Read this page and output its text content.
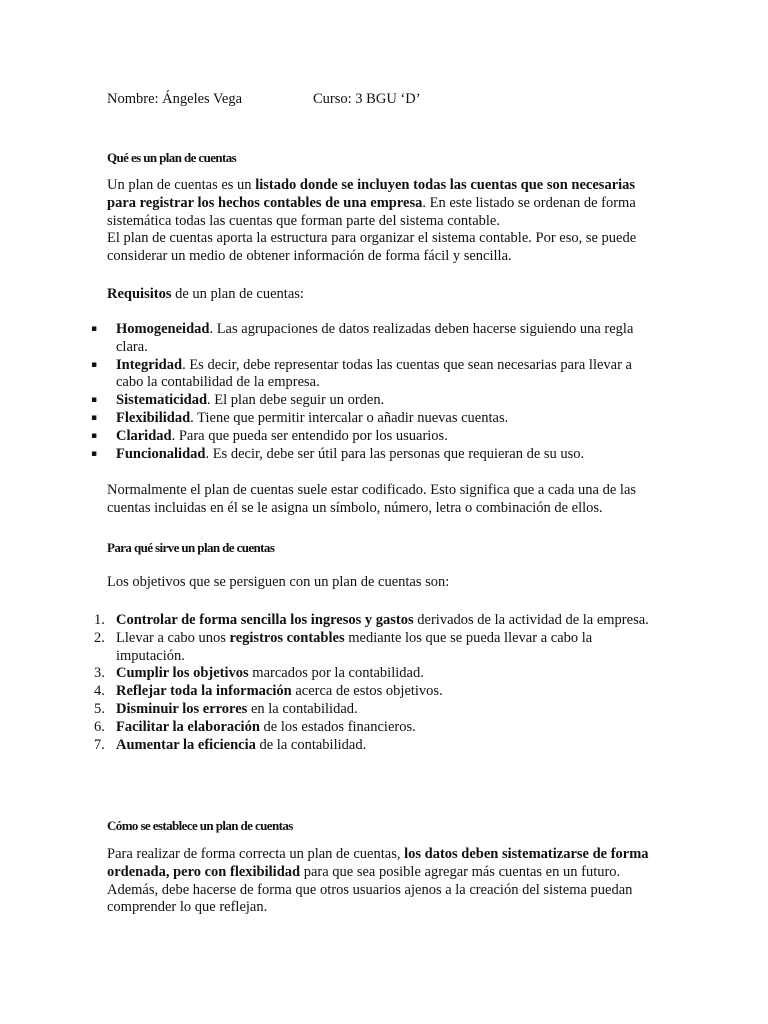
Nombre: Ángeles Vega	Curso: 3 BGU ‘D’
Qué es un plan de cuentas

Un plan de cuentas es un listado donde se incluyen todas las cuentas que son necesarias para registrar los hechos contables de una empresa. En este listado se ordenan de forma sistemática todas las cuentas que forman parte del sistema contable.

El plan de cuentas aporta la estructura para organizar el sistema contable. Por eso, se puede considerar un medio de obtener información de forma fácil y sencilla.

Requisitos de un plan de cuentas:

▪ Homogeneidad. Las agrupaciones de datos realizadas deben hacerse siguiendo una regla clara.
▪ Integridad. Es decir, debe representar todas las cuentas que sean necesarias para llevar a cabo la contabilidad de la empresa.
▪ Sistematicidad. El plan debe seguir un orden.
▪ Flexibilidad. Tiene que permitir intercalar o añadir nuevas cuentas.
▪ Claridad. Para que pueda ser entendido por los usuarios.
▪ Funcionalidad. Es decir, debe ser útil para las personas que requieran de su uso.

Normalmente el plan de cuentas suele estar codificado. Esto significa que a cada una de las cuentas incluidas en él se le asigna un símbolo, número, letra o combinación de ellos.

Para qué sirve un plan de cuentas

Los objetivos que se persiguen con un plan de cuentas son:

1. Controlar de forma sencilla los ingresos y gastos derivados de la actividad de la empresa.
2. Llevar a cabo unos registros contables mediante los que se pueda llevar a cabo la imputación.
3. Cumplir los objetivos marcados por la contabilidad.
4. Reflejar toda la información acerca de estos objetivos.
5. Disminuir los errores en la contabilidad.
6. Facilitar la elaboración de los estados financieros.
7. Aumentar la eficiencia de la contabilidad.
Cómo se establece un plan de cuentas

Para realizar de forma correcta un plan de cuentas, los datos deben sistematizarse de forma ordenada, pero con flexibilidad para que sea posible agregar más cuentas en un futuro. Además, debe hacerse de forma que otros usuarios ajenos a la creación del sistema puedan comprender lo que reflejan.
